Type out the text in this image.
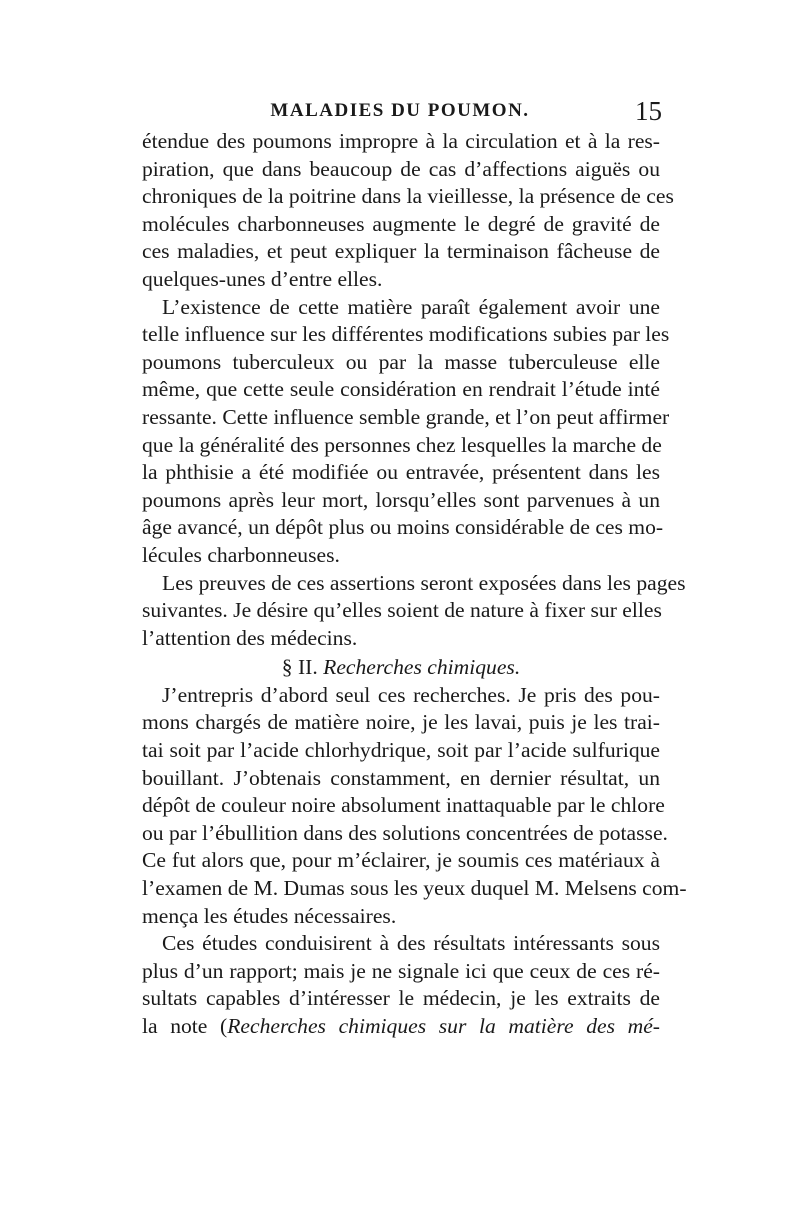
MALADIES DU POUMON.	15
étendue des poumons impropre à la circulation et à la res-
piration, que dans beaucoup de cas d’affections aiguës ou
chroniques de la poitrine dans la vieillesse, la présence de ces
molécules charbonneuses augmente le degré de gravité de
ces maladies, et peut expliquer la terminaison fâcheuse de
quelques-unes d’entre elles.
L’existence de cette matière paraît également avoir une
telle influence sur les différentes modifications subies par les
poumons tuberculeux ou par la masse tuberculeuse elle
même, que cette seule considération en rendrait l’étude inté
ressante. Cette influence semble grande, et l’on peut affirmer
que la généralité des personnes chez lesquelles la marche de
la phthisie a été modifiée ou entravée, présentent dans les
poumons après leur mort, lorsqu’elles sont parvenues à un
âge avancé, un dépôt plus ou moins considérable de ces mo-
lécules charbonneuses.
Les preuves de ces assertions seront exposées dans les pages
suivantes. Je désire qu’elles soient de nature à fixer sur elles
l’attention des médecins.
§ II. Recherches chimiques.
J’entrepris d’abord seul ces recherches. Je pris des pou-
mons chargés de matière noire, je les lavai, puis je les trai-
tai soit par l’acide chlorhydrique, soit par l’acide sulfurique
bouillant. J’obtenais constamment, en dernier résultat, un
dépôt de couleur noire absolument inattaquable par le chlore
ou par l’ébullition dans des solutions concentrées de potasse.
Ce fut alors que, pour m’éclairer, je soumis ces matériaux à
l’examen de M. Dumas sous les yeux duquel M. Melsens com-
mença les études nécessaires.
Ces études conduisirent à des résultats intéressants sous
plus d’un rapport; mais je ne signale ici que ceux de ces ré-
sultats capables d’intéresser le médecin, je les extraits de
la note (Recherches chimiques sur la matière des mé-
